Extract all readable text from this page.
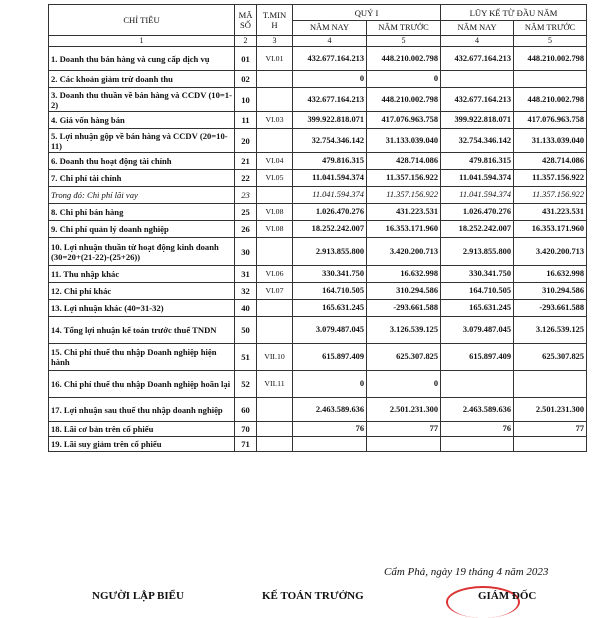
CHỈ TIÊU	MÃ SỐ	T.MIN H	QUÝ I		LŨY KẾ TỪ ĐẦU NĂM	
			NĂM NAY	NĂM TRƯỚC	NĂM NAY	NĂM TRƯỚC
1	2	3	4	5	4	5
1. Doanh thu bán hàng và cung cấp dịch vụ	01	VI.01	432.677.164.213	448.210.002.798	432.677.164.213	448.210.002.798
2. Các khoản giảm trừ doanh thu	02		0	0		
3. Doanh thu thuần về bán hàng và CCDV (10=1-2)	10		432.677.164.213	448.210.002.798	432.677.164.213	448.210.002.798
4. Giá vốn hàng bán	11	VI.03	399.922.818.071	417.076.963.758	399.922.818.071	417.076.963.758
5. Lợi nhuận gộp về bán hàng và CCDV (20=10-11)	20		32.754.346.142	31.133.039.040	32.754.346.142	31.133.039.040
6. Doanh thu hoạt động tài chính	21	VI.04	479.816.315	428.714.086	479.816.315	428.714.086
7. Chi phí tài chính	22	VI.05	11.041.594.374	11.357.156.922	11.041.594.374	11.357.156.922
Trong đó: Chi phí lãi vay	23		11.041.594.374	11.357.156.922	11.041.594.374	11.357.156.922
8. Chi phí bán hàng	25	VI.08	1.026.470.276	431.223.531	1.026.470.276	431.223.531
9. Chi phí quản lý doanh nghiệp	26	VI.08	18.252.242.007	16.353.171.960	18.252.242.007	16.353.171.960
10. Lợi nhuận thuần từ hoạt động kinh doanh (30=20+(21-22)-(25+26))	30		2.913.855.800	3.420.200.713	2.913.855.800	3.420.200.713
11. Thu nhập khác	31	VI.06	330.341.750	16.632.998	330.341.750	16.632.998
12. Chi phí khác	32	VI.07	164.710.505	310.294.586	164.710.505	310.294.586
13. Lợi nhuận khác (40=31-32)	40		165.631.245	-293.661.588	165.631.245	-293.661.588
14. Tổng lợi nhuận kế toán trước thuế TNDN	50		3.079.487.045	3.126.539.125	3.079.487.045	3.126.539.125
15. Chi phí thuế thu nhập Doanh nghiệp hiện hành	51	VII.10	615.897.409	625.307.825	615.897.409	625.307.825
16. Chi phí thuế thu nhập Doanh nghiệp hoãn lại	52	VII.11	0	0		
17. Lợi nhuận sau thuế thu nhập doanh nghiệp	60		2.463.589.636	2.501.231.300	2.463.589.636	2.501.231.300
18. Lãi cơ bản trên cổ phiếu	70		76	77	76	77
19. Lãi suy giảm trên cổ phiếu	71					
Cẩm Phả, ngày 19 tháng 4 năm 2023
NGƯỜI LẬP BIỂU	KẾ TOÁN TRƯỞNG	GIÁM ĐỐC
